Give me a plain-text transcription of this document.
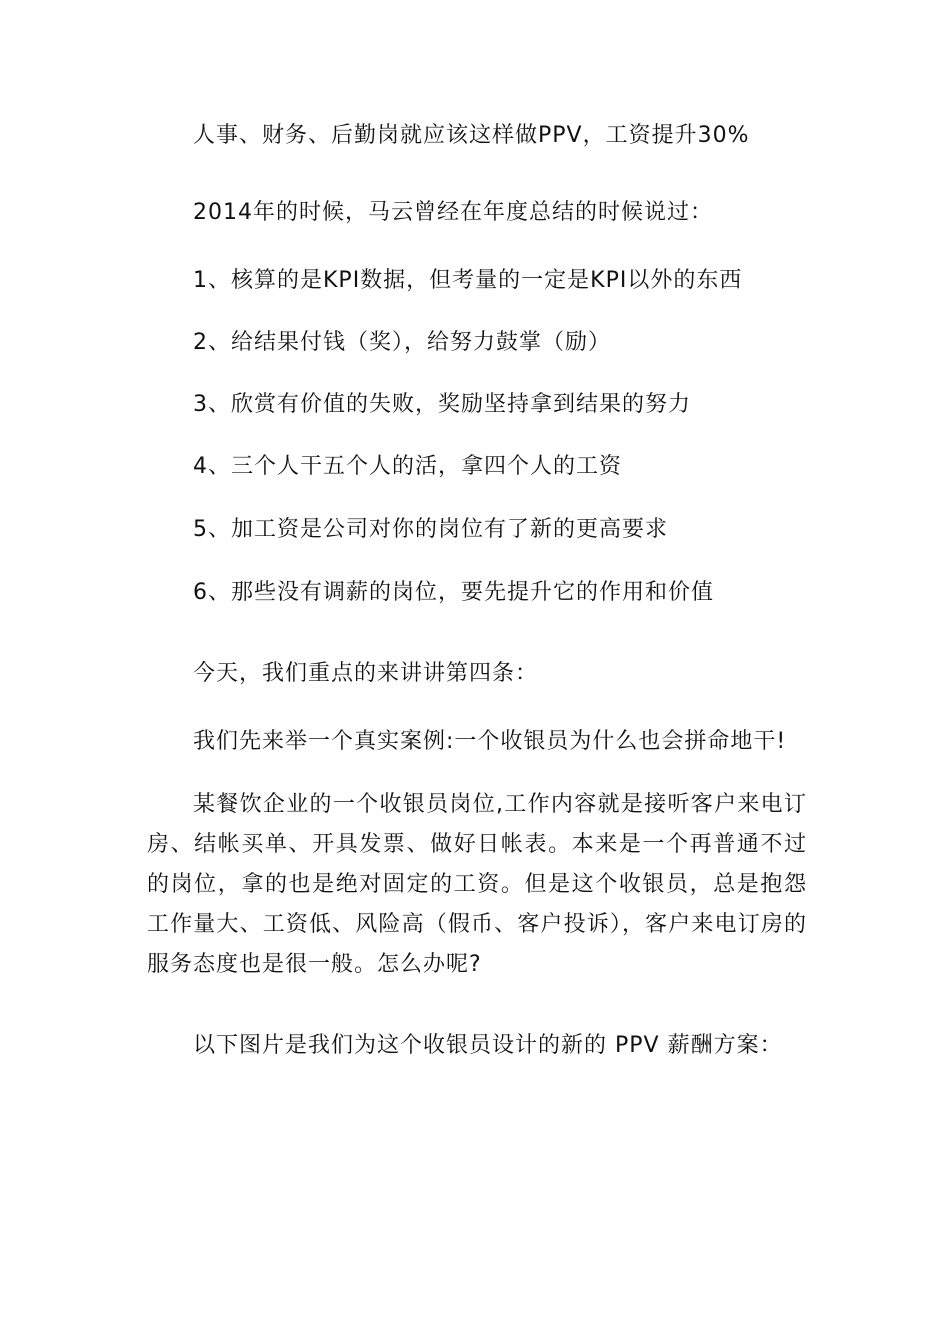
人事、财务、后勤岗就应该这样做PPV，工资提升30%
2014年的时候，马云曾经在年度总结的时候说过：
1、核算的是KPI数据，但考量的一定是KPI以外的东西
2、给结果付钱（奖），给努力鼓掌（励）
3、欣赏有价值的失败，奖励坚持拿到结果的努力
4、三个人干五个人的活，拿四个人的工资
5、加工资是公司对你的岗位有了新的更高要求
6、那些没有调薪的岗位，要先提升它的作用和价值
今天，我们重点的来讲讲第四条：
我们先来举一个真实案例:一个收银员为什么也会拼命地干!
某餐饮企业的一个收银员岗位,工作内容就是接听客户来电订房、结帐买单、开具发票、做好日帐表。本来是一个再普通不过的岗位，拿的也是绝对固定的工资。但是这个收银员，总是抱怨工作量大、工资低、风险高（假币、客户投诉），客户来电订房的服务态度也是很一般。怎么办呢?
以下图片是我们为这个收银员设计的新的 PPV 薪酬方案：
